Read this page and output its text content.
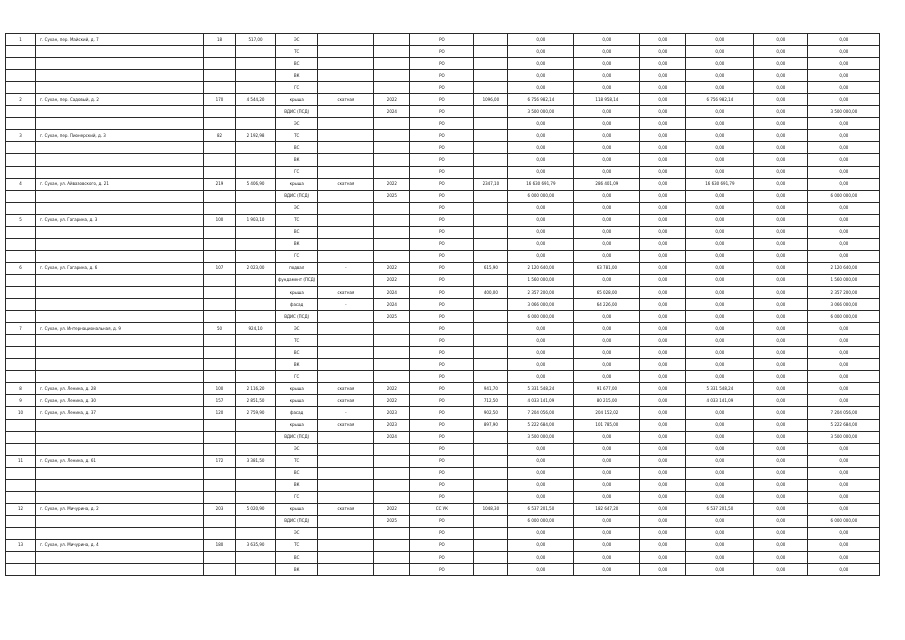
1	г. Сухан, пер. Майский, д. 7	18	517,00	ЭС			РО		0,00	0,00	0,00	0,00	0,00	0,00
				ТС			РО		0,00	0,00	0,00	0,00	0,00	0,00
				ВС			РО		0,00	0,00	0,00	0,00	0,00	0,00
				ВК			РО		0,00	0,00	0,00	0,00	0,00	0,00
				ГС			РО		0,00	0,00	0,00	0,00	0,00	0,00
2	г. Сухан, пер. Садовый, д. 2	170	4 544,20	крыша	скатная	2022	РО	1096,00	6 756 982,14	118 958,14	0,00	6 756 982,14	0,00	0,00
				ВДИС (ПСД)		2024	РО		3 500 000,00	0,00	0,00	0,00	0,00	3 500 000,00
				ЭС			РО		0,00	0,00	0,00	0,00	0,00	0,00
3	г. Сухан, пер. Пионерский, д. 3	82	2 192,98	ТС			РО		0,00	0,00	0,00	0,00	0,00	0,00
				ВС			РО		0,00	0,00	0,00	0,00	0,00	0,00
				ВК			РО		0,00	0,00	0,00	0,00	0,00	0,00
				ГС			РО		0,00	0,00	0,00	0,00	0,00	0,00
4	г. Сухан, ул. Айвазовского, д. 21	219	5 406,90	крыша	скатная	2022	РО	2347,10	16 630 691,79	286 401,09	0,00	16 630 691,79	0,00	0,00
				ВДИС (ПСД)		2025	РО		6 000 000,00	0,00	0,00	0,00	0,00	6 000 000,00
				ЭС			РО		0,00	0,00	0,00	0,00	0,00	0,00
5	г. Сухан, ул. Гагарина, д. 3	100	1 903,10	ТС			РО		0,00	0,00	0,00	0,00	0,00	0,00
				ВС			РО		0,00	0,00	0,00	0,00	0,00	0,00
				ВК			РО		0,00	0,00	0,00	0,00	0,00	0,00
				ГС			РО		0,00	0,00	0,00	0,00	0,00	0,00
6	г. Сухан, ул. Гагарина, д. 6	107	2 023,00	подвал	-	2022	РО	615,90	2 120 640,00	63 781,00	0,00	0,00	0,00	2 120 640,00
				фундамент (ПСД)		2022	РО		1 560 000,00	0,00	0,00	0,00	0,00	1 560 000,00
				крыша	скатная	2024	РО	400,00	2 357 200,00	65 028,00	0,00	0,00	0,00	2 357 200,00
				фасад	-	2024	РО		3 066 000,00	64 226,00	0,00	0,00	0,00	3 066 000,00
				ВДИС (ПСД)		2025	РО		6 000 000,00	0,00	0,00	0,00	0,00	6 000 000,00
7	г. Сухан, ул. Интернациональная, д. 9	50	924,10	ЭС			РО		0,00	0,00	0,00	0,00	0,00	0,00
				ТС			РО		0,00	0,00	0,00	0,00	0,00	0,00
				ВС			РО		0,00	0,00	0,00	0,00	0,00	0,00
				ВК			РО		0,00	0,00	0,00	0,00	0,00	0,00
				ГС			РО		0,00	0,00	0,00	0,00	0,00	0,00
8	г. Сухан, ул. Ленина, д. 28	100	2 116,20	крыша	скатная	2022	РО	941,70	5 331 548,24	91 677,00	0,00	5 331 548,24	0,00	0,00
9	г. Сухан, ул. Ленина, д. 30	157	2 851,50	крыша	скатная	2022	РО	712,50	4 033 141,09	80 215,00	0,00	4 033 141,09	0,00	0,00
10	г. Сухан, ул. Ленина, д. 37	120	2 759,90	фасад	-	2023	РО	902,50	7 204 056,00	204 152,02	0,00	0,00	0,00	7 204 056,00
				крыша	скатная	2023	РО	897,90	5 222 684,00	101 785,00	0,00	0,00	0,00	5 222 684,00
				ВДИС (ПСД)		2024	РО		3 500 000,00	0,00	0,00	0,00	0,00	3 500 000,00
				ЭС			РО		0,00	0,00	0,00	0,00	0,00	0,00
11	г. Сухан, ул. Ленина, д. 61	172	3 381,50	ТС			РО		0,00	0,00	0,00	0,00	0,00	0,00
				ВС			РО		0,00	0,00	0,00	0,00	0,00	0,00
				ВК			РО		0,00	0,00	0,00	0,00	0,00	0,00
				ГС			РО		0,00	0,00	0,00	0,00	0,00	0,00
12	г. Сухан, ул. Мичурина, д. 2	203	5 020,90	крыша	скатная	2022	СС УК	1048,30	6 537 201,50	182 647,20	0,00	6 537 201,50	0,00	0,00
				ВДИС (ПСД)		2025	РО		6 000 000,00	0,00	0,00	0,00	0,00	6 000 000,00
				ЭС			РО		0,00	0,00	0,00	0,00	0,00	0,00
13	г. Сухан, ул. Мичурина, д. 4	180	3 635,90	ТС			РО		0,00	0,00	0,00	0,00	0,00	0,00
				ВС			РО		0,00	0,00	0,00	0,00	0,00	0,00
				ВК			РО		0,00	0,00	0,00	0,00	0,00	0,00
